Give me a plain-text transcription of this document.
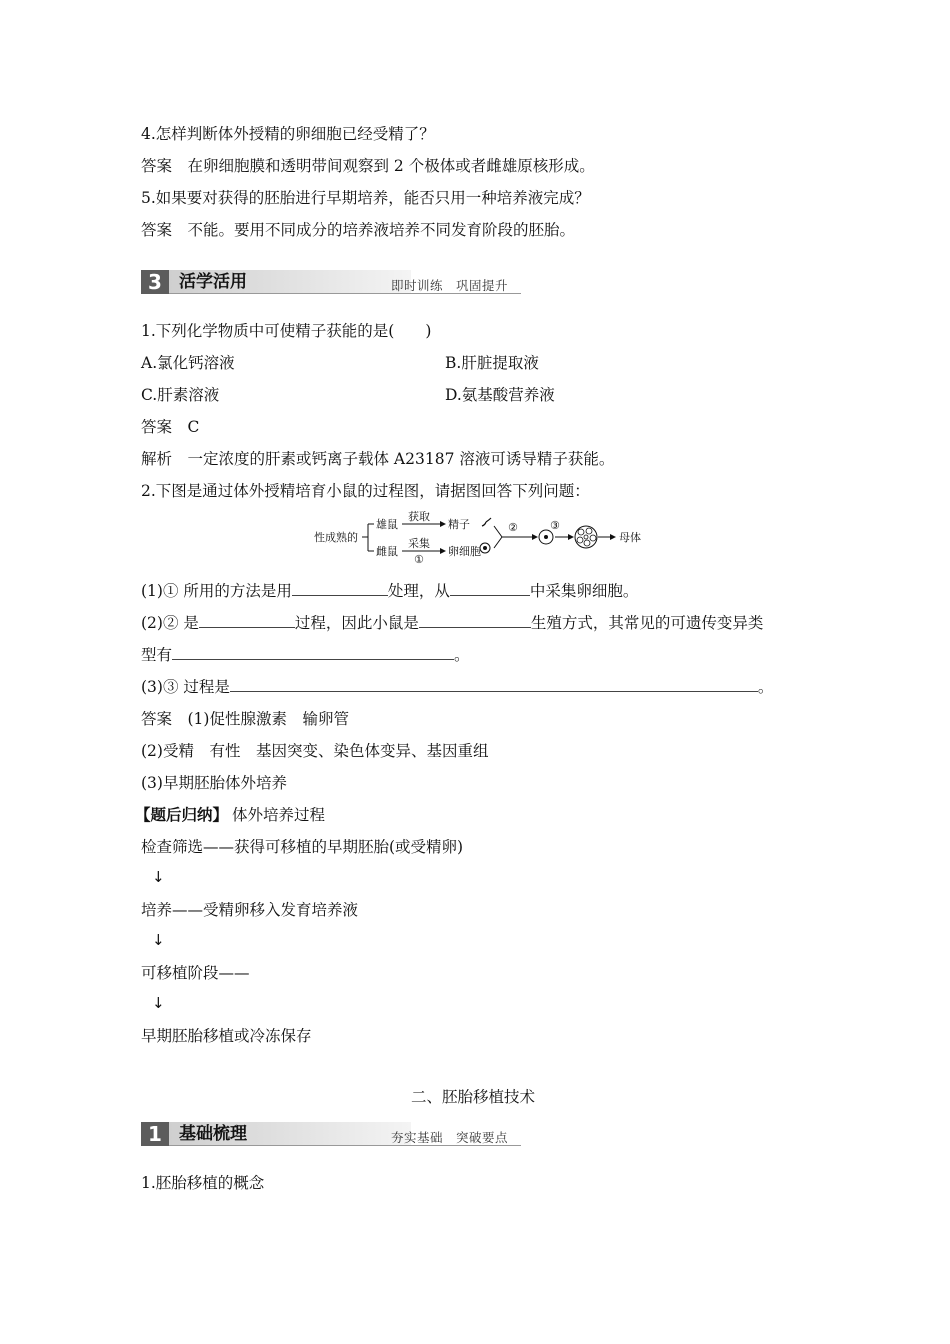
4.怎样判断体外授精的卵细胞已经受精了？
答案　在卵细胞膜和透明带间观察到 2 个极体或者雌雄原核形成。
5.如果要对获得的胚胎进行早期培养，能否只用一种培养液完成？
答案　不能。要用不同成分的培养液培养不同发育阶段的胚胎。
3	活学活用	即时训练　巩固提升
1.下列化学物质中可使精子获能的是(　　)
A.氯化钙溶液	B.肝脏提取液
C.肝素溶液	D.氨基酸营养液
答案　C
解析　一定浓度的肝素或钙离子载体 A23187 溶液可诱导精子获能。
2.下图是通过体外授精培育小鼠的过程图，请据图回答下列问题：
性成熟的
雄鼠
获取
精子
雌鼠
采集
①
卵细胞
②	③
母体
(1)① 所用的方法是用	处理，从	中采集卵细胞。
(2)② 是	过程，因此小鼠是	生殖方式，其常见的可遗传变异类
型有	。
(3)③ 过程是	。
答案　(1)促性腺激素　输卵管
(2)受精　有性　基因突变、染色体变异、基因重组
(3)早期胚胎体外培养
【题后归纳】 体外培养过程
检查筛选——获得可移植的早期胚胎(或受精卵)
↓
培养——受精卵移入发育培养液
↓
可移植阶段——
↓
早期胚胎移植或冷冻保存
二、胚胎移植技术
1	基础梳理	夯实基础　突破要点
1.胚胎移植的概念
